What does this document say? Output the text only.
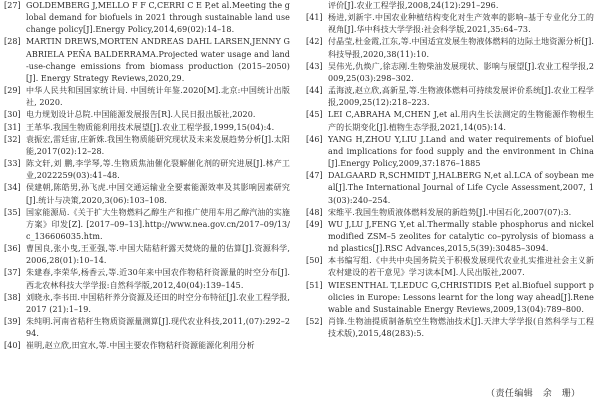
[27] GOLDEMBERG J,MELLO F F C,CERRI C E P,et al.Meeting the global demand for biofuels in 2021 through sustainable land use change policy[J].Energy Policy,2014,69(02):14–18.
[28] MARTIN DREWS,MORTEN ANDREAS DAHL LARSEN,JENNY GABRIELA PEÑA BALDERRAMA.Projected water usage and land-use-change emissions from biomass production (2015–2050)[J]. Energy Strategy Reviews,2020,29.
[29] 中华人民共和国国家统计局. 中国统计年鉴.2020[M].北京:中国统计出版社, 2020.
[30] 电力规划设计总院.中国能源发展报告[R].人民日报出版社,2020.
[31] 王革华.我国生物质能利用技术展望[J].农业工程学报,1999,15(04):4.
[32] 袁振宏,雷廷宙,庄新姝.我国生物质能研究现状及未来发展趋势分析[J].太阳能,2017(02):12–28.
[33] 陈文轩,刘 鹏,李学琴,等.生物质焦油催化裂解催化剂的研究进展[J].林产工业,2022259(03):41–48.
[34] 侯建朝,陈皓男,孙飞虎.中国交通运输业全要素能源效率及其影响因素研究[J].统计与决策,2020,3(06):103–108.
[35] 国家能源局.《关于扩大生物燃料乙醇生产和推广使用车用乙醇汽油的实施方案》印发[Z]. [2017–09–13].http://www.nea.gov.cn/2017–09/13/c_136606035.htm.
[36] 曹国良,张小曳,王亚强,等.中国大陆秸秆露天焚烧的量的估算[J].资源科学,2006,28(01):10–14.
[37] 朱建春,李荣华,杨香云,等.近30年来中国农作物秸秆资源量的时空分布[J].西北农林科技大学学报:自然科学版,2012,40(04):139–145.
[38] 刘晓永,李书田.中国秸秆养分资源及还田的时空分布特征[J].农业工程学报,2017 (21):1–19.
[39] 朱纯明.河南省秸秆生物质资源量测算[J].现代农业科技,2011,(07):292–294.
[40] 崔明,赵立欣,田宜水,等.中国主要农作物秸秆资源能源化利用分析
评价[J].农业工程学报,2008,24(12):291–296.
[41] 杨进,刘新宇.中国农业种植结构变化对生产效率的影响–基于专业化分工的视角[J].华中科技大学学报:社会科学版,2021,35:64–73.
[42] 付晶莹,杜金霞,江东,等.中国适宜发展生物液体燃料的边际土地资源分析[J].科技导报,2020,38(11):10.
[43] 吴伟光,仇焕广,徐志刚.生物柴油发展现状、影响与展望[J].农业工程学报,2009,25(03):298–302.
[44] 孟海波,赵立欣,高新星,等.生物液体燃料可持续发展评价系统[J].农业工程学报,2009,25(12):218–223.
[45] LEI C,ABRAHA M,CHEN J,et al.用内生长法测定的生物能源作物根生产的长期变化[J].植物生态学报,2021,14(05):14.
[46] YANG H,ZHOU Y,LIU J.Land and water requirements of biofuel and implications for food supply and the environment in China[J].Energy Policy,2009,37:1876–1885
[47] DALGAARD R,SCHMIDT J,HALBERG N,et al.LCA of soybean meal[J].The International Journal of Life Cycle Assessment,2007, 13(03):240–254.
[48] 宋维平.我国生物质液体燃料发展的新趋势[J].中国石化,2007(07):3.
[49] WU J,LU J,FENG Y,et al.Thermally stable phosphorus and nickel modified ZSM–5 zeolites for catalytic co–pyrolysis of biomass and plastics[J].RSC Advances,2015,5(39):30485–3094.
[50] 本书编写组.《中共中央国务院关于积极发展现代农业扎实推进社会主义新农村建设的若干意见》学习读本[M].人民出版社,2007.
[51] WIESENTHAL T,LEDUC G,CHRISTIDIS P,et al.Biofuel support policies in Europe: Lessons learnt for the long way ahead[J].Renewable and Sustainable Energy Reviews,2009,13(04):789–800.
[52] 肖锋.生物油提质制备航空生物燃油技术[J].天津大学学报(自然科学与工程技术版),2015,48(283):5.
（责任编辑　余　珊）
